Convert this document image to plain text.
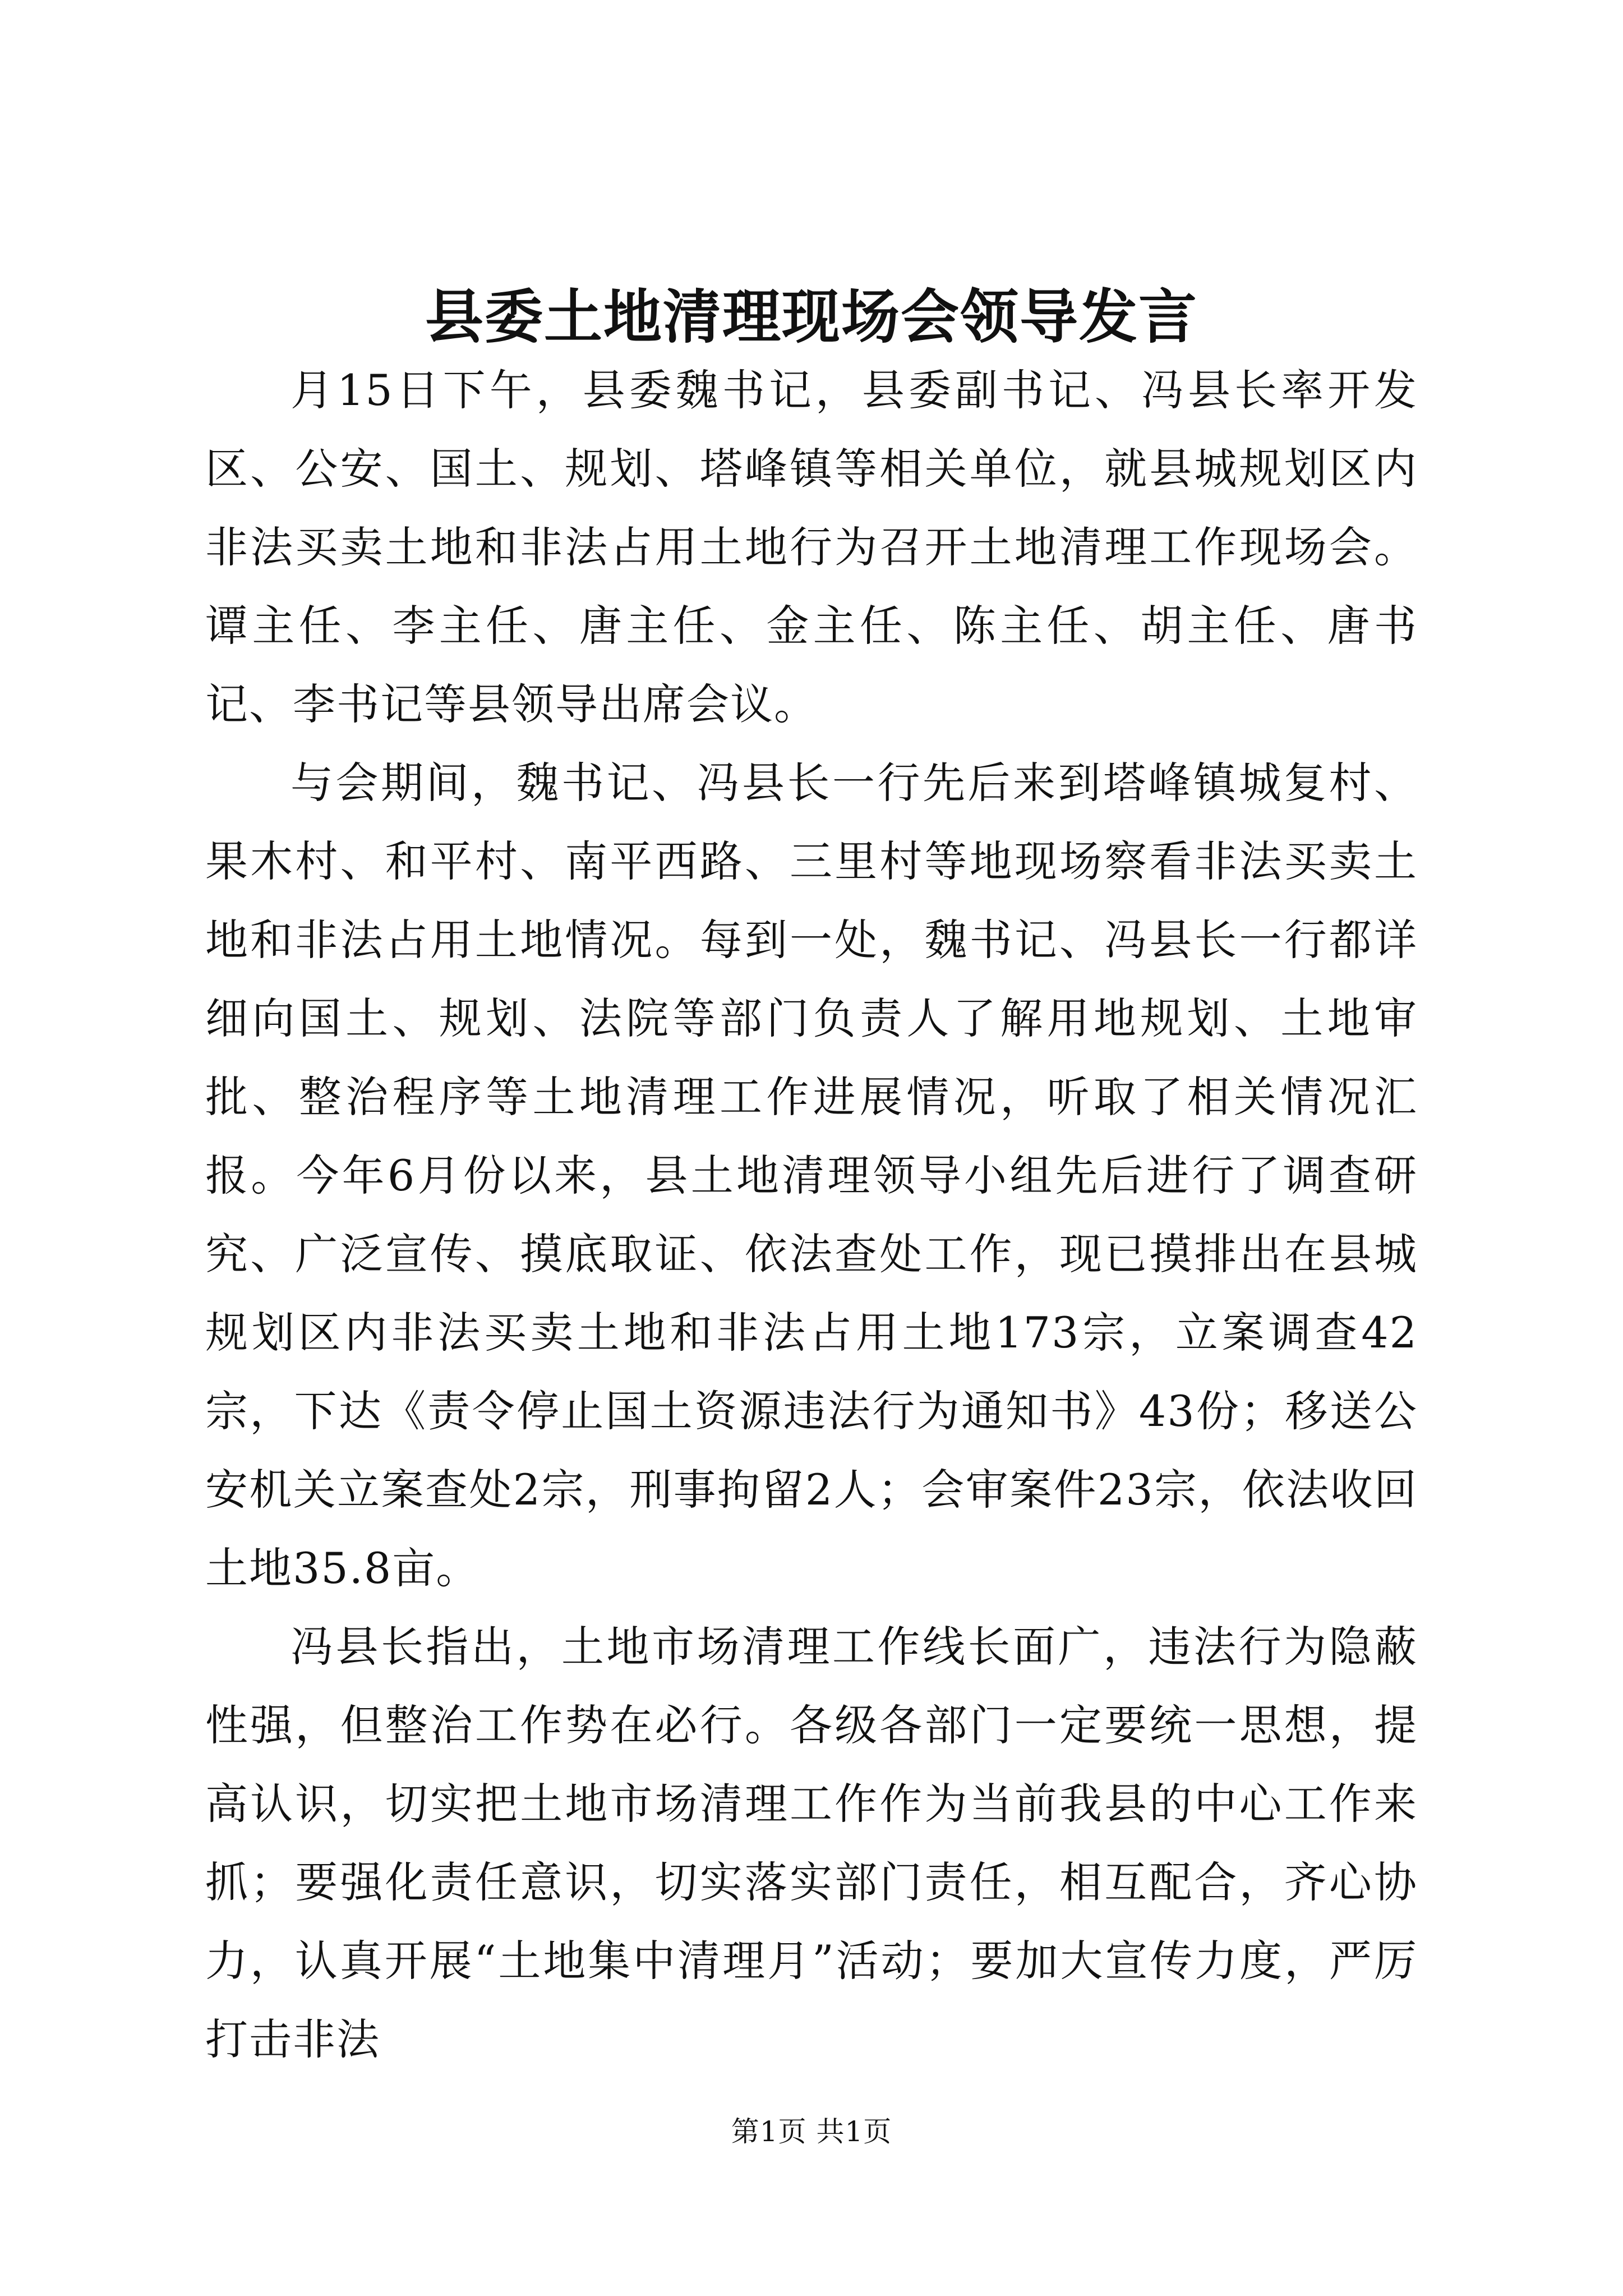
县委土地清理现场会领导发言

月15日下午，县委魏书记，县委副书记、冯县长率开发区、公安、国土、规划、塔峰镇等相关单位，就县城规划区内非法买卖土地和非法占用土地行为召开土地清理工作现场会。谭主任、李主任、唐主任、金主任、陈主任、胡主任、唐书记、李书记等县领导出席会议。

与会期间，魏书记、冯县长一行先后来到塔峰镇城复村、果木村、和平村、南平西路、三里村等地现场察看非法买卖土地和非法占用土地情况。每到一处，魏书记、冯县长一行都详细向国土、规划、法院等部门负责人了解用地规划、土地审批、整治程序等土地清理工作进展情况，听取了相关情况汇报。今年6月份以来，县土地清理领导小组先后进行了调查研究、广泛宣传、摸底取证、依法查处工作，现已摸排出在县城规划区内非法买卖土地和非法占用土地173宗，立案调查42宗，下达《责令停止国土资源违法行为通知书》43份；移送公安机关立案查处2宗，刑事拘留2人；会审案件23宗，依法收回土地35.8亩。

冯县长指出，土地市场清理工作线长面广，违法行为隐蔽性强，但整治工作势在必行。各级各部门一定要统一思想，提高认识，切实把土地市场清理工作作为当前我县的中心工作来抓；要强化责任意识，切实落实部门责任，相互配合，齐心协力，认真开展“土地集中清理月”活动；要加大宣传力度，严厉打击非法

第1页 共1页
